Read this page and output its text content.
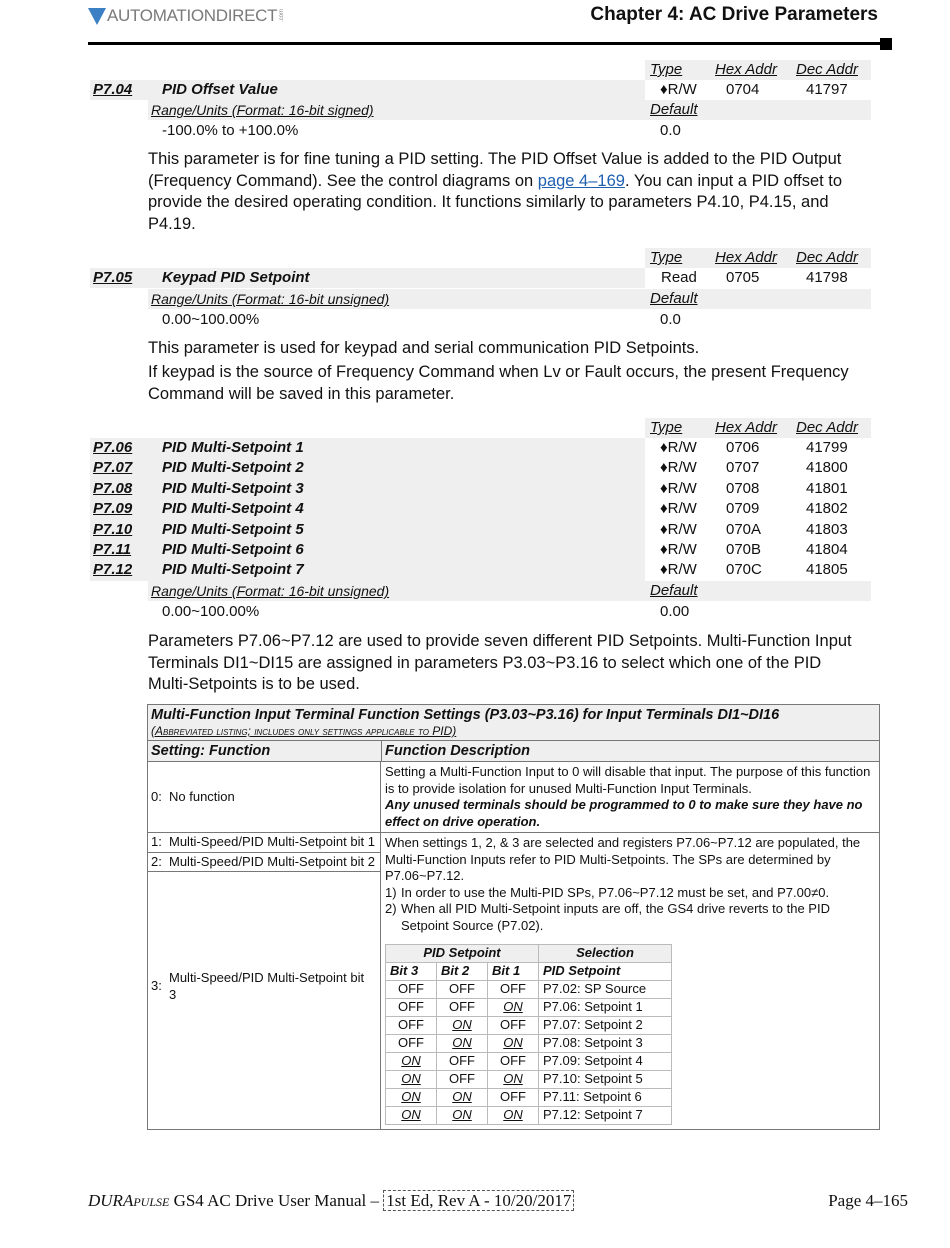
AUTOMATIONDIRECT .com	Chapter 4: AC Drive Parameters
Type Hex Addr Dec Addr
P7.04 PID Offset Value	♦R/W 0704	41797
Range/Units (Format: 16-bit signed)	Default
-100.0% to +100.0%	0.0
This parameter is for fine tuning a PID setting. The PID Offset Value is added to the PID Output (Frequency Command). See the control diagrams on page 4–169. You can input a PID offset to provide the desired operating condition. It functions similarly to parameters P4.10, P4.15, and P4.19.
Type Hex Addr Dec Addr
P7.05 Keypad PID Setpoint	Read 0705	41798
Range/Units (Format: 16-bit unsigned)	Default
0.00~100.00%	0.0
This parameter is used for keypad and serial communication PID Setpoints.
If keypad is the source of Frequency Command when Lv or Fault occurs, the present Frequency Command will be saved in this parameter.
Type Hex Addr Dec Addr
P7.06 PID Multi-Setpoint 1	♦R/W 0706	41799
P7.07 PID Multi-Setpoint 2	♦R/W 0707	41800
P7.08 PID Multi-Setpoint 3	♦R/W 0708	41801
P7.09 PID Multi-Setpoint 4	♦R/W 0709	41802
P7.10 PID Multi-Setpoint 5	♦R/W 070A	41803
P7.11 PID Multi-Setpoint 6	♦R/W 070B	41804
P7.12 PID Multi-Setpoint 7	♦R/W 070C	41805
Range/Units (Format: 16-bit unsigned)	Default
0.00~100.00%	0.00
Parameters P7.06~P7.12 are used to provide seven different PID Setpoints. Multi-Function Input Terminals DI1~DI15 are assigned in parameters P3.03~P3.16 to select which one of the PID Multi-Setpoints is to be used.
Multi-Function Input Terminal Function Settings (P3.03~P3.16) for Input Terminals DI1~DI16
(Abbreviated listing; includes only settings applicable to PID)
Setting: Function	Function Description
0: No function
Setting a Multi-Function Input to 0 will disable that input. The purpose of this function is to provide isolation for unused Multi-Function Input Terminals.
Any unused terminals should be programmed to 0 to make sure they have no effect on drive operation.
1: Multi-Speed/PID Multi-Setpoint bit 1
2: Multi-Speed/PID Multi-Setpoint bit 2
3:
Multi-Speed/PID Multi-Setpoint bit 3
When settings 1, 2, & 3 are selected and registers P7.06~P7.12 are populated, the Multi-Function Inputs refer to PID Multi-Setpoints. The SPs are determined by P7.06~P7.12.
1) In order to use the Multi-PID SPs, P7.06~P7.12 must be set, and P7.00≠0.
2) When all PID Multi-Setpoint inputs are off, the GS4 drive reverts to the PID Setpoint Source (P7.02).
PID Setpoint			Selection
Bit 3	Bit 2	Bit 1	PID Setpoint
OFF	OFF	OFF	P7.02: SP Source
OFF	OFF	ON	P7.06: Setpoint 1
OFF	ON	OFF	P7.07: Setpoint 2
OFF	ON	ON	P7.08: Setpoint 3
ON	OFF	OFF	P7.09: Setpoint 4
ON	OFF	ON	P7.10: Setpoint 5
ON	ON	OFF	P7.11: Setpoint 6
ON	ON	ON	P7.12: Setpoint 7
DURAPULSE GS4 AC Drive User Manual – 1st Ed, Rev A - 10/20/2017	Page 4–165
